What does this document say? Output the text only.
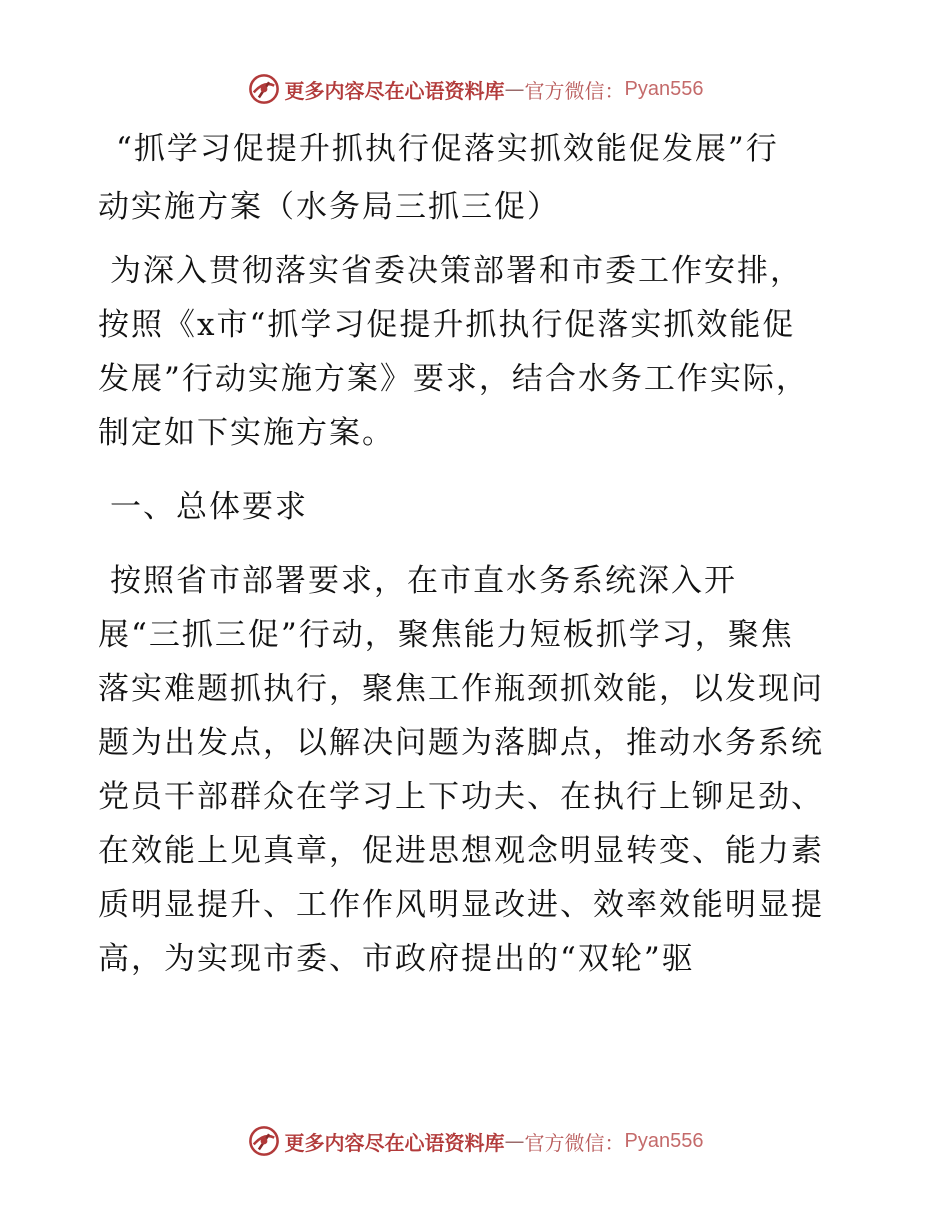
更多内容尽在心语资料库 — 官方微信： Pyan556
“抓学习促提升抓执行促落实抓效能促发展”行
动实施方案（水务局三抓三促）
为深入贯彻落实省委决策部署和市委工作安排，
按照《x市“抓学习促提升抓执行促落实抓效能促
发展”行动实施方案》要求，结合水务工作实际，
制定如下实施方案。
一、总体要求
按照省市部署要求，在市直水务系统深入开
展“三抓三促”行动，聚焦能力短板抓学习，聚焦
落实难题抓执行，聚焦工作瓶颈抓效能，以发现问
题为出发点，以解决问题为落脚点，推动水务系统
党员干部群众在学习上下功夫、在执行上铆足劲、
在效能上见真章，促进思想观念明显转变、能力素
质明显提升、工作作风明显改进、效率效能明显提
高，为实现市委、市政府提出的“双轮”驱
更多内容尽在心语资料库 — 官方微信： Pyan556
